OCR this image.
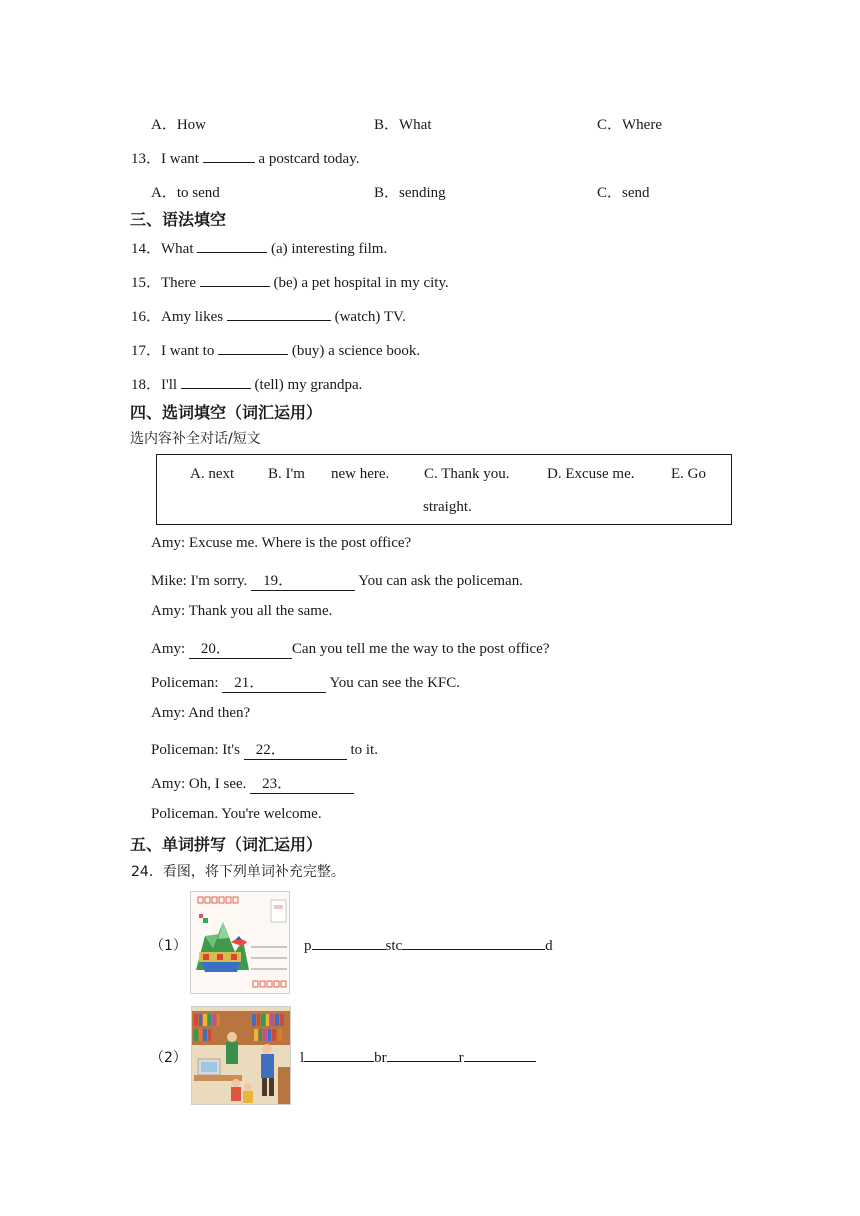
A．How	B．What	C．Where
13．I want	a postcard today.
A．to send	B．sending	C．send
三、语法填空
14．What	(a) interesting film.
15．There	(be) a pet hospital in my city.
16．Amy likes	(watch) TV.
17．I want to	(buy) a science book.
18．I'll	(tell) my grandpa.
四、选词填空（词汇运用）
选内容补全对话/短文
A. next B. I'm new here. C. Thank you. D. Excuse me. E. Go
straight.
Amy: Excuse me. Where is the post office?
Mike: I'm sorry. 19．	You can ask the policeman.
Amy: Thank you all the same.
Amy: 20．	Can you tell me the way to the post office?
Policeman: 21．	You can see the KFC.
Amy: And then?
Policeman: It's 22．	to it.
Amy: Oh, I see. 23．
Policeman. You're welcome.
五、单词拼写（词汇运用）
24．看图，将下列单词补充完整。
（1）	p	stc	d
（2）	l	br	r
